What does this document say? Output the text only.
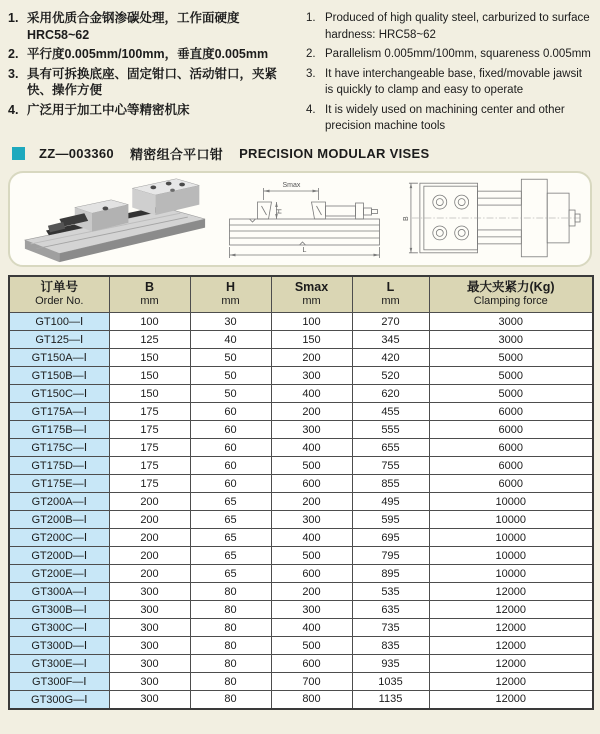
1. 采用优质合金钢渗碳处理，工作面硬度HRC58~62
2. 平行度0.005mm/100mm，垂直度0.005mm
3. 具有可拆换底座、固定钳口、活动钳口，夹紧快、操作方便
4. 广泛用于加工中心等精密机床
1. Produced of high quality steel, carburized to surface hardness: HRC58~62
2. Parallelism 0.005mm/100mm, squareness 0.005mm
3. It have interchangeable base, fixed/movable jawsit is quickly to clamp and easy to operate
4. It is widely used on machining center and other precision machine tools
ZZ—003360 精密组合平口钳 PRECISION MODULAR VISES
Smax
H
L
B
订单号
Order No.

B
mm

H
mm

Smax
mm

L
mm

最大夹紧力(Kg)
Clamping force

GT100—Ⅰ	100	30	100	270	3000
GT125—Ⅰ	125	40	150	345	3000
GT150A—Ⅰ	150	50	200	420	5000
GT150B—Ⅰ	150	50	300	520	5000
GT150C—Ⅰ	150	50	400	620	5000
GT175A—Ⅰ	175	60	200	455	6000
GT175B—Ⅰ	175	60	300	555	6000
GT175C—Ⅰ	175	60	400	655	6000
GT175D—Ⅰ	175	60	500	755	6000
GT175E—Ⅰ	175	60	600	855	6000
GT200A—Ⅰ	200	65	200	495	10000
GT200B—Ⅰ	200	65	300	595	10000
GT200C—Ⅰ	200	65	400	695	10000
GT200D—Ⅰ	200	65	500	795	10000
GT200E—Ⅰ	200	65	600	895	10000
GT300A—Ⅰ	300	80	200	535	12000
GT300B—Ⅰ	300	80	300	635	12000
GT300C—Ⅰ	300	80	400	735	12000
GT300D—Ⅰ	300	80	500	835	12000
GT300E—Ⅰ	300	80	600	935	12000
GT300F—Ⅰ	300	80	700	1035	12000
GT300G—Ⅰ	300	80	800	1135	12000
